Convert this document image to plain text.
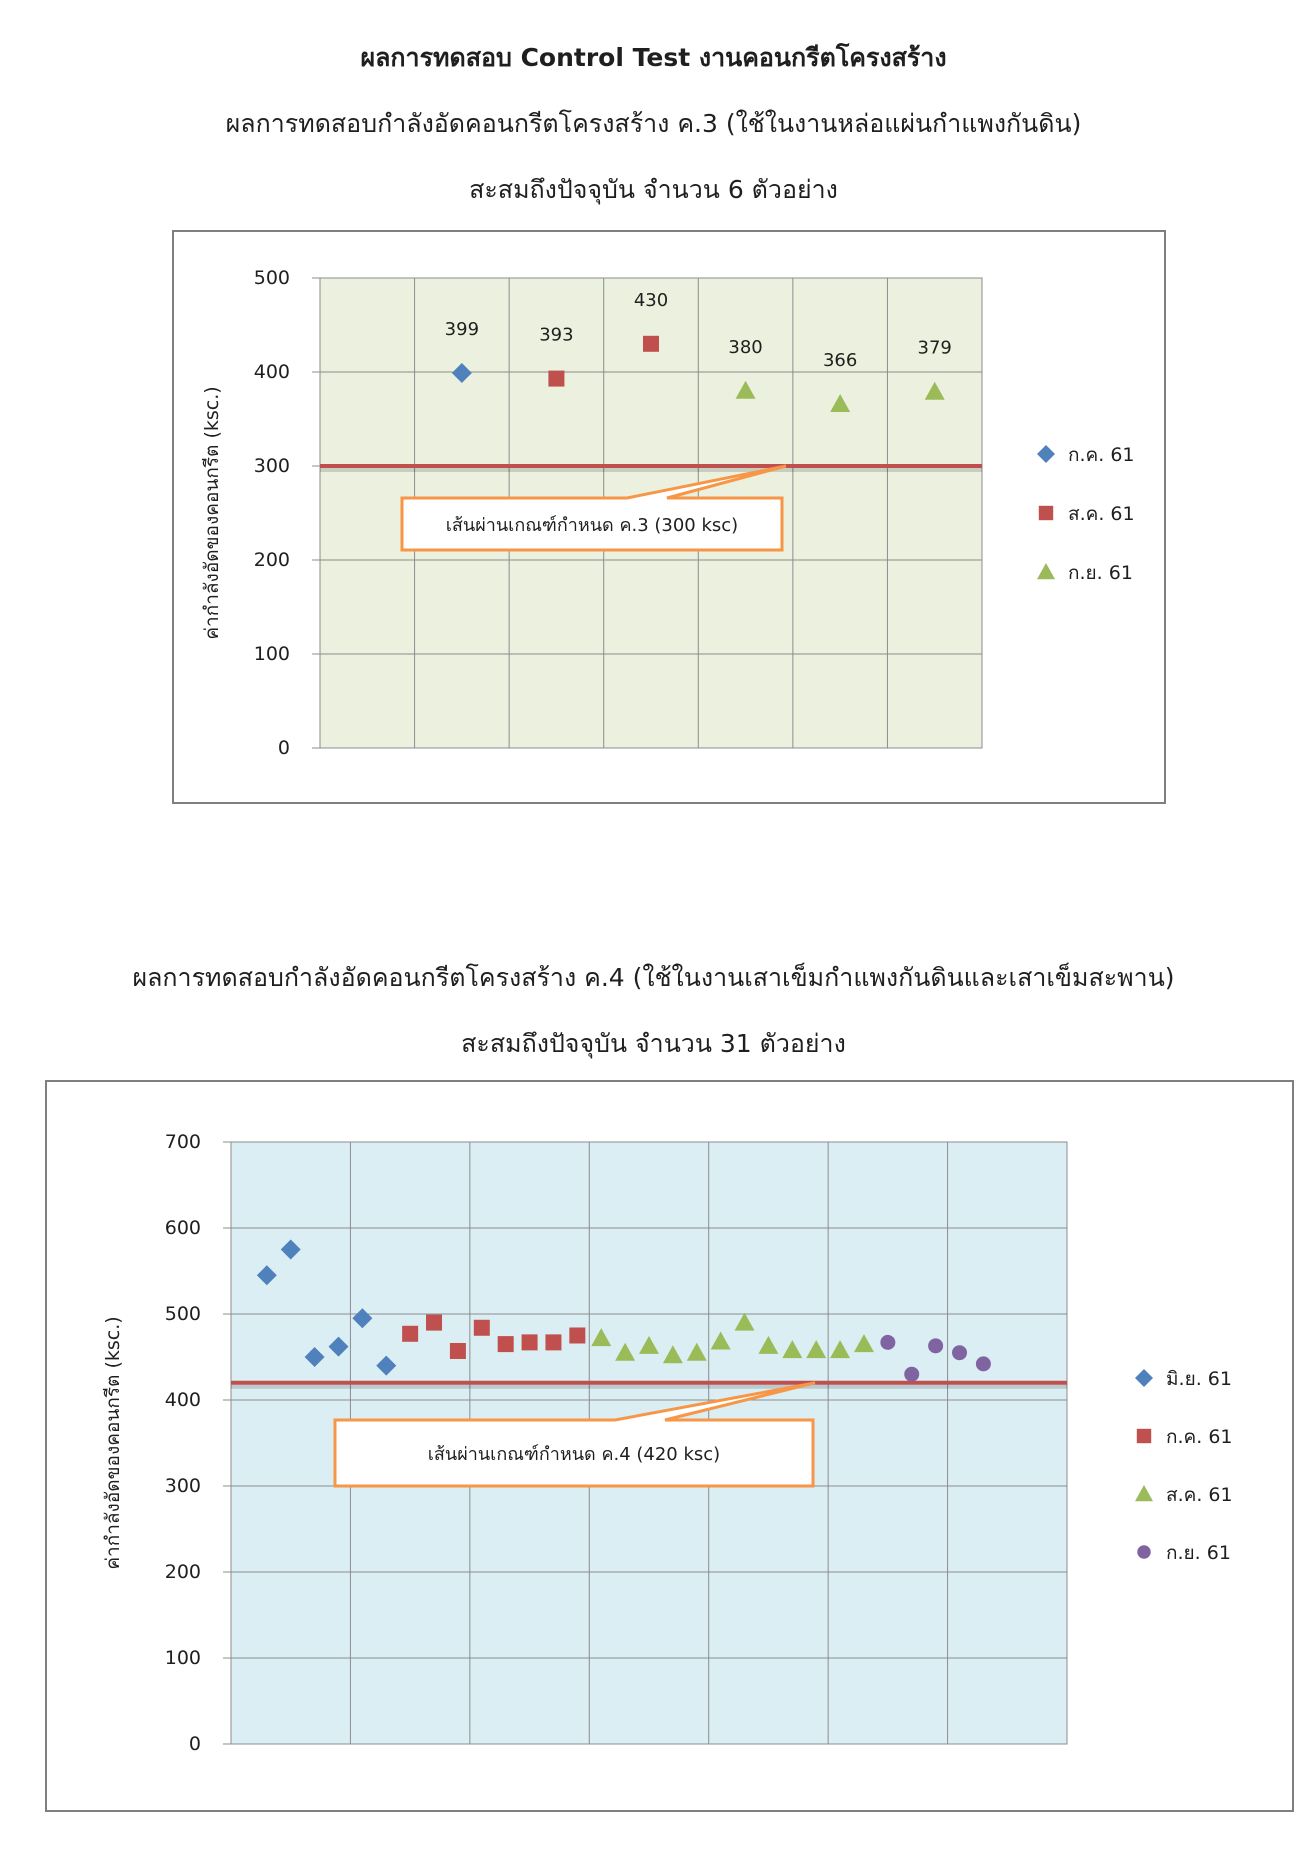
ผลการทดสอบ Control Test งานคอนกรีตโครงสร้าง
ผลการทดสอบกำลังอัดคอนกรีตโครงสร้าง ค.3 (ใช้ในงานหล่อแผ่นกำแพงกันดิน)
สะสมถึงปัจจุบัน จำนวน 6 ตัวอย่าง
0
100
200
300
400
500
ค่ากำลังอัดของคอนกรีต (ksc.)	เส้นผ่านเกณฑ์กำหนด ค.3 (300 ksc)
399	393
430
380
366
379
ก.ค. 61
ส.ค. 61
ก.ย. 61
ผลการทดสอบกำลังอัดคอนกรีตโครงสร้าง ค.4 (ใช้ในงานเสาเข็มกำแพงกันดินและเสาเข็มสะพาน)
สะสมถึงปัจจุบัน จำนวน 31 ตัวอย่าง
0
100
200
300
400
500
600
700
ค่ากำลังอัดของคอนกรีต (ksc.)	เส้นผ่านเกณฑ์กำหนด ค.4 (420 ksc)
มิ.ย. 61
ก.ค. 61
ส.ค. 61
ก.ย. 61
